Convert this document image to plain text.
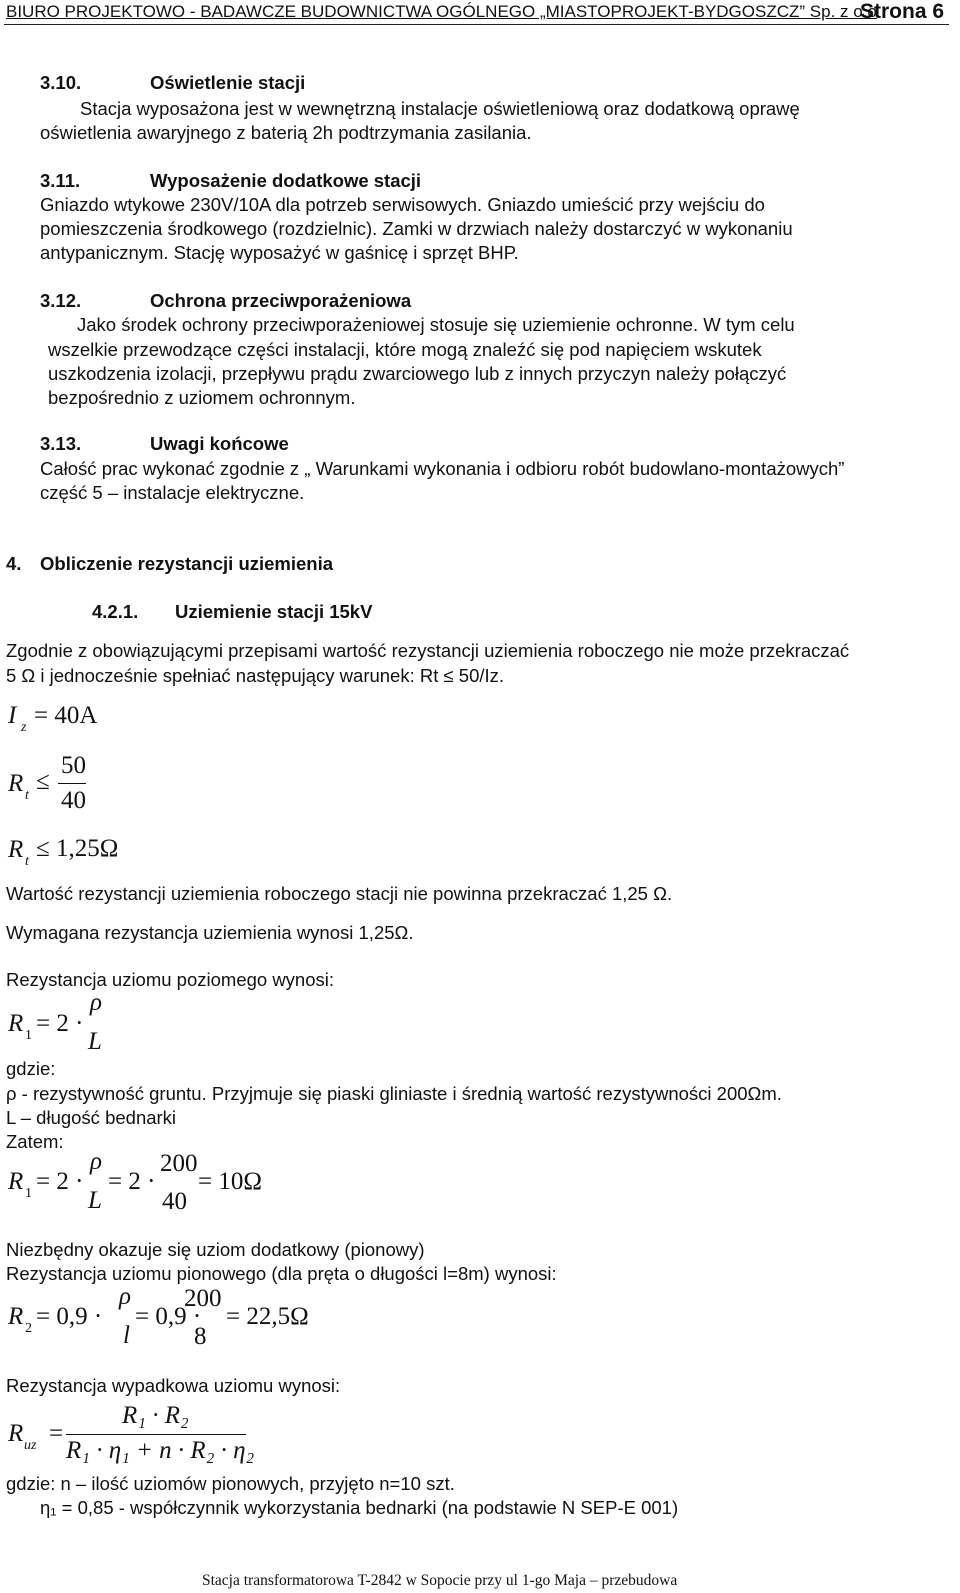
BIURO PROJEKTOWO - BADAWCZE BUDOWNICTWA OGÓLNEGO „MIASTOPROJEKT-BYDGOSZCZ” Sp. z o.o
Strona 6
3.10.	Oświetlenie stacji
Stacja wyposażona jest w wewnętrzną instalacje oświetleniową oraz dodatkową oprawę
oświetlenia awaryjnego z baterią 2h podtrzymania zasilania.
3.11.	Wyposażenie dodatkowe stacji
Gniazdo wtykowe 230V/10A dla potrzeb serwisowych. Gniazdo umieścić przy wejściu do
pomieszczenia środkowego (rozdzielnic). Zamki w drzwiach należy dostarczyć w wykonaniu
antypanicznym. Stację wyposażyć w gaśnicę i sprzęt BHP.
3.12.	Ochrona przeciwporażeniowa
Jako środek ochrony przeciwporażeniowej stosuje się uziemienie ochronne. W tym celu
wszelkie przewodzące części instalacji, które mogą znaleźć się pod napięciem wskutek
uszkodzenia izolacji, przepływu prądu zwarciowego lub z innych przyczyn należy połączyć
bezpośrednio z uziomem ochronnym.
3.13.	Uwagi końcowe
Całość prac wykonać zgodnie z „ Warunkami wykonania i odbioru robót budowlano-montażowych”
część 5 – instalacje elektryczne.
4. Obliczenie rezystancji uziemienia
4.2.1. Uziemienie stacji 15kV
Zgodnie z obowiązującymi przepisami wartość rezystancji uziemienia roboczego nie może przekraczać
5 Ω i jednocześnie spełniać następujący warunek: Rt ≤ 50/Iz.
I z = 40A
R t
≤
50
40
R t ≤ 1,25Ω
Wartość rezystancji uziemienia roboczego stacji nie powinna przekraczać 1,25 Ω.
Wymagana rezystancja uziemienia wynosi 1,25Ω.
Rezystancja uziomu poziomego wynosi:
R 1 = 2 ·
ρ
L
gdzie:
ρ - rezystywność gruntu. Przyjmuje się piaski gliniaste i średnią wartość rezystywności 200Ωm.
L – długość bednarki
Zatem:
R 1 = 2 ·
ρ
L
= 2 ·
200
40
= 10Ω
Niezbędny okazuje się uziom dodatkowy (pionowy)
Rezystancja uziomu pionowego (dla pręta o długości l=8m) wynosi:
R 2 = 0,9 ·
ρ
l
= 0,9 ·
200
8
= 22,5Ω
Rezystancja wypadkowa uziomu wynosi:
R uz =
R₁ · R₂
R₁ · η₁ + n · R₂ · η₂
gdzie: n – ilość uziomów pionowych, przyjęto n=10 szt.
η₁ = 0,85 - współczynnik wykorzystania bednarki (na podstawie N SEP-E 001)
Stacja transformatorowa T-2842 w Sopocie przy ul 1-go Maja – przebudowa
